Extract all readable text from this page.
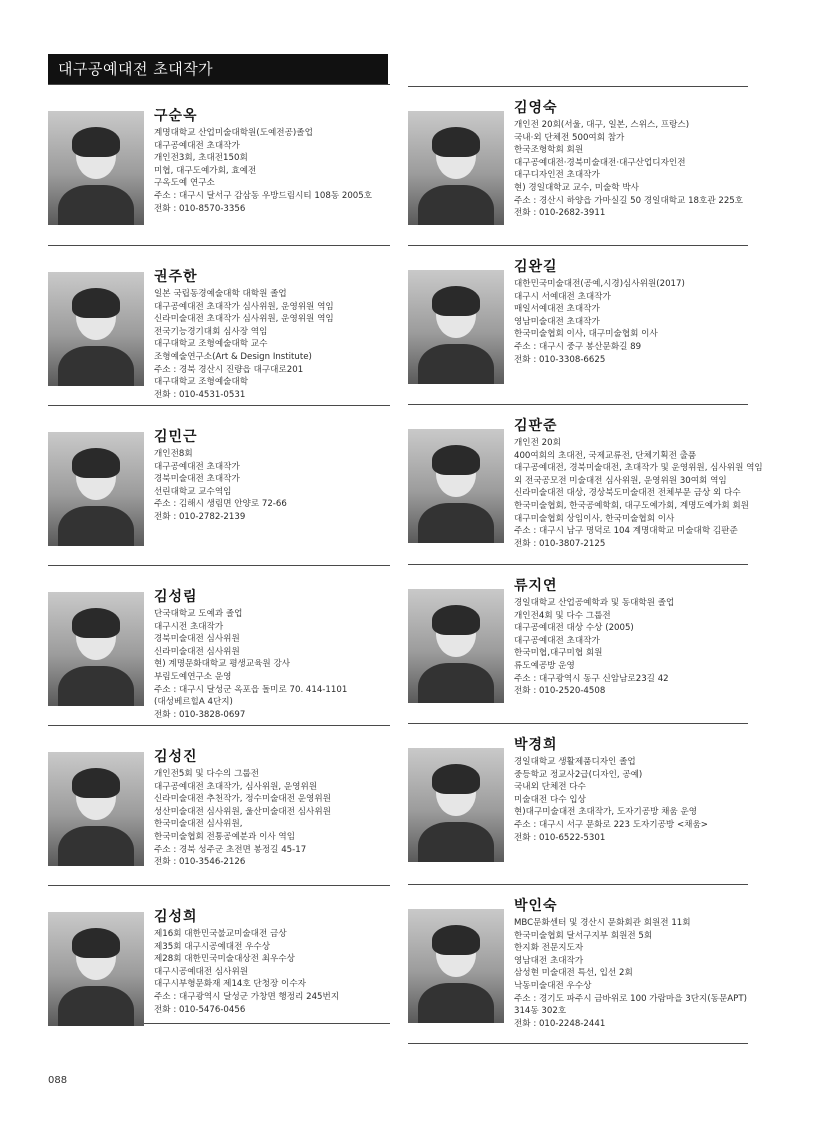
대구공예대전 초대작가
구순옥
계명대학교 산업미술대학원(도예전공)졸업
대구공예대전 초대작가
개인전3회, 초대전150회
미협, 대구도예가회, 효예전
구옥도예 연구소
주소 : 대구시 달서구 감삼동 우방드림시티 108동 2005호
전화 : 010-8570-3356
권주한
일본 국립동경예술대학 대학원 졸업
대구공예대전 초대작가 심사위원, 운영위원 역임
신라미술대전 초대작가 심사위원, 운영위원 역임
전국기능경기대회 심사장 역임
대구대학교 조형예술대학 교수
조형예술연구소(Art & Design Institute)
주소 : 경북 경산시 진량읍 대구대로201
대구대학교 조형예술대학
전화 : 010-4531-0531
김민근
개인전8회
대구공예대전 초대작가
경북미술대전 초대작가
선린대학교 교수역임
주소 : 김해시 생림면 안양로 72-66
전화 : 010-2782-2139
김성림
단국대학교 도예과 졸업
대구시전 초대작가
경북미술대전 심사위원
신라미술대전 심사위원
현) 계명문화대학교 평생교육원 강사
부림도예연구소 운영
주소 : 대구시 달성군 옥포읍 돌미로 70. 414-1101
(대성베르힐A 4단지)
전화 : 010-3828-0697
김성진
개인전5회 및 다수의 그룹전
대구공예대전 초대작가, 심사위원, 운영위원
신라미술대전 추천작가, 정수미술대전 운영위원
성산미술대전 심사위원, 울산미술대전 심사위원
한국미술대전 심사위원,
한국미술협회 전통공예분과 이사 역임
주소 : 경북 성주군 초전면 봉정길 45-17
전화 : 010-3546-2126
김성희
제16회 대한민국불교미술대전 금상
제35회 대구시공예대전 우수상
제28회 대한민국미술대상전 최우수상
대구시공예대전 심사위원
대구시부형문화재 제14호 단청장 이수자
주소 : 대구광역시 달성군 가창면 행정리 245번지
전화 : 010-5476-0456
김영숙
개인전 20회(서울, 대구, 일본, 스위스, 프랑스)
국내·외 단체전 500여회 참가
한국조형학회 회원
대구공예대전·경북미술대전·대구산업디자인전
대구디자인전 초대작가
현) 경일대학교 교수, 미술학 박사
주소 : 경산시 하양읍 가마실길 50 경일대학교 18호관 225호
전화 : 010-2682-3911
김완길
대한민국미술대전(공예,시경)심사위원(2017)
대구시 서예대전 초대작가
매일서예대전 초대작가
영남미술대전 초대작가
한국미술협회 이사, 대구미술협회 이사
주소 : 대구시 중구 봉산문화길 89
전화 : 010-3308-6625
김판준
개인전 20회
400여회의 초대전, 국제교류전, 단체기획전 출품
대구공예대전, 경북미술대전, 초대작가 및 운영위원, 심사위원 역임
외 전국공모전 미술대전 심사위원, 운영위원 30여회 역임
신라미술대전 대상, 경상북도미술대전 전체부문 금상 외 다수
한국미술협회, 한국공예학회, 대구도예가회, 계명도예가회 회원
대구미술협회 상임이사, 한국미술협회 이사
주소 : 대구시 남구 명덕로 104 계명대학교 미술대학 김판준
전화 : 010-3807-2125
류지연
경일대학교 산업공예학과 및 동대학원 졸업
개인전4회 및 다수 그룹전
대구공예대전 대상 수상 (2005)
대구공예대전 초대작가
한국미협,대구미협 회원
류도예공방 운영
주소 : 대구광역시 동구 신암남로23길 42
전화 : 010-2520-4508
박경희
경일대학교 생활제품디자인 졸업
중등학교 정교사2급(디자인, 공예)
국내외 단체전 다수
미술대전 다수 입상
현)대구미술대전 초대작가, 도자기공방 채움 운영
주소 : 대구시 서구 문화로 223 도자기공방 <채움>
전화 : 010-6522-5301
박인숙
MBC문화센터 및 경산시 문화회관 회원전 11회
한국미술협회 달서구지부 회원전 5회
한지화 전문지도자
영남대전 초대작가
삼성현 미술대전 특선, 입선 2회
낙동미술대전 우수상
주소 : 경기도 파주시 금바위로 100 가람마을 3단지(동문APT)
314동 302호
전화 : 010-2248-2441
088
